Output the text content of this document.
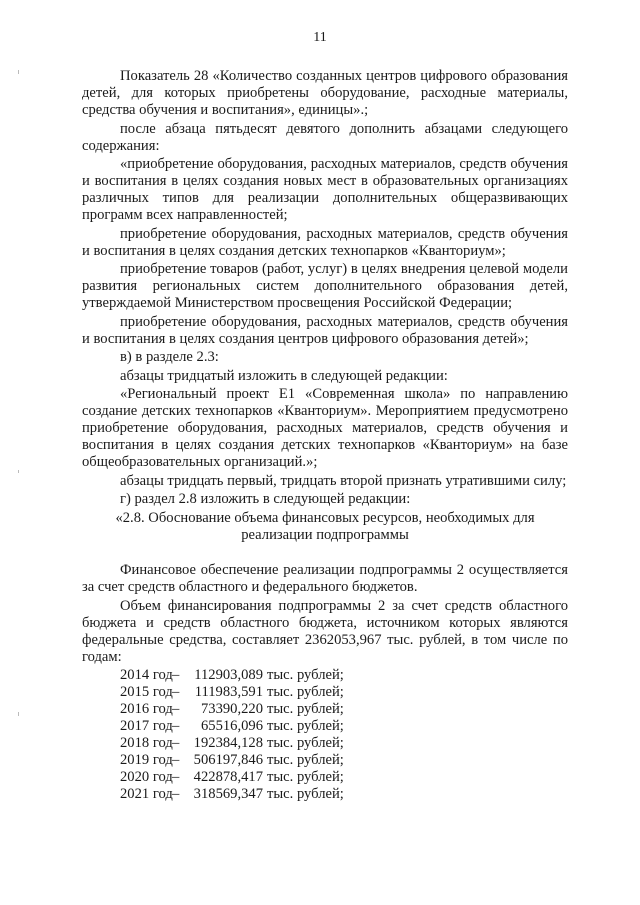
11

Показатель 28 «Количество созданных центров цифрового образования детей, для которых приобретены оборудование, расходные материалы, средства обучения и воспитания», единицы».;

после абзаца пятьдесят девятого дополнить абзацами следующего содержания:

«приобретение оборудования, расходных материалов, средств обучения и воспитания в целях создания новых мест в образовательных организациях различных типов для реализации дополнительных общеразвивающих программ всех направленностей;

приобретение оборудования, расходных материалов, средств обучения и воспитания в целях создания детских технопарков «Кванториум»;

приобретение товаров (работ, услуг) в целях внедрения целевой модели развития региональных систем дополнительного образования детей, утверждаемой Министерством просвещения Российской Федерации;

приобретение оборудования, расходных материалов, средств обучения и воспитания в целях создания центров цифрового образования детей»;

в) в разделе 2.3:

абзацы тридцатый изложить в следующей редакции:

«Региональный проект Е1 «Современная школа» по направлению создание детских технопарков «Кванториум». Мероприятием предусмотрено приобретение оборудования, расходных материалов, средств обучения и воспитания в целях создания детских технопарков «Кванториум» на базе общеобразовательных организаций.»;

абзацы тридцать первый, тридцать второй признать утратившими силу;

г) раздел 2.8 изложить в следующей редакции:

«2.8. Обоснование объема финансовых ресурсов, необходимых для реализации подпрограммы

Финансовое обеспечение реализации подпрограммы 2 осуществляется за счет средств областного и федерального бюджетов.

Объем финансирования подпрограммы 2 за счет средств областного бюджета и средств областного бюджета, источником которых являются федеральные средства, составляет 2362053,967 тыс. рублей, в том числе по годам:

2014 год– 112903,089 тыс. рублей;
2015 год– 111983,591 тыс. рублей;
2016 год– 73390,220 тыс. рублей;
2017 год– 65516,096 тыс. рублей;
2018 год– 192384,128 тыс. рублей;
2019 год– 506197,846 тыс. рублей;
2020 год– 422878,417 тыс. рублей;
2021 год– 318569,347 тыс. рублей;
